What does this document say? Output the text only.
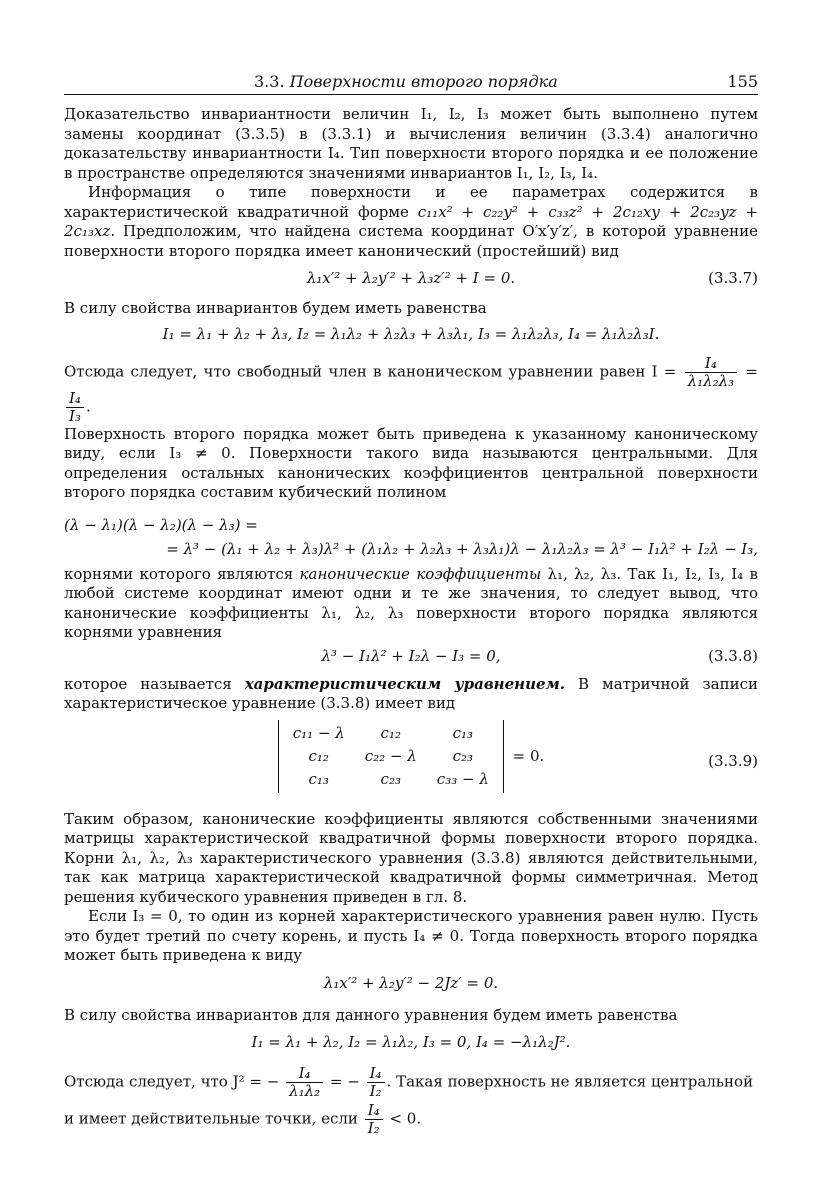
3.3. Поверхности второго порядка	155

Доказательство инвариантности величин I₁, I₂, I₃ может быть выполнено путем замены координат (3.3.5) в (3.3.1) и вычисления величин (3.3.4) аналогично доказательству инвариантности I₄. Тип поверхности второго порядка и ее положение в пространстве определяются значениями инвариантов I₁, I₂, I₃, I₄.

Информация о типе поверхности и ее параметрах содержится в характеристической квадратичной форме c₁₁x² + c₂₂y² + c₃₃z² + 2c₁₂xy + 2c₂₃yz + 2c₁₃xz. Предположим, что найдена система координат O′x′y′z′, в которой уравнение поверхности второго порядка имеет канонический (простейший) вид

λ₁x′² + λ₂y′² + λ₃z′² + I = 0.	(3.3.7)

В силу свойства инвариантов будем иметь равенства

I₁ = λ₁ + λ₂ + λ₃, I₂ = λ₁λ₂ + λ₂λ₃ + λ₃λ₁, I₃ = λ₁λ₂λ₃, I₄ = λ₁λ₂λ₃I.

Отсюда следует, что свободный член в каноническом уравнении равен $I = \frac{\text{I₄}}{\text{λ₁λ₂λ₃}}$ =
$\frac{\text{I₄}}{\text{I₃}}$ .

Поверхность второго порядка может быть приведена к указанному каноническому виду, если I₃ ≠ 0. Поверхности такого вида называются центральными. Для определения остальных канонических коэффициентов центральной поверхности второго порядка составим кубический полином

(λ − λ₁)(λ − λ₂)(λ − λ₃) =
= λ³ − (λ₁ + λ₂ + λ₃)λ² + (λ₁λ₂ + λ₂λ₃ + λ₃λ₁)λ − λ₁λ₂λ₃ = λ³ − I₁λ² + I₂λ − I₃,

корнями которого являются канонические коэффициенты λ₁, λ₂, λ₃. Так I₁, I₂, I₃, I₄ в любой системе координат имеют одни и те же значения, то следует вывод, что канонические коэффициенты λ₁, λ₂, λ₃ поверхности второго порядка являются корнями уравнения

λ³ − I₁λ² + I₂λ − I₃ = 0,	(3.3.8)

которое называется характеристическим уравнением. В матричной записи характеристическое уравнение (3.3.8) имеет вид

c₁₁ − λ	c₁₂	c₁₃
c₁₂	c₂₂ − λ	c₂₃
c₁₃	c₂₃	c₃₃ − λ
= 0.	(3.3.9)

Таким образом, канонические коэффициенты являются собственными значениями матрицы характеристической квадратичной формы поверхности второго порядка. Корни λ₁, λ₂, λ₃ характеристического уравнения (3.3.8) являются действительными, так как матрица характеристической квадратичной формы симметричная. Метод решения кубического уравнения приведен в гл. 8.

Если I₃ = 0, то один из корней характеристического уравнения равен нулю. Пусть это будет третий по счету корень, и пусть I₄ ≠ 0. Тогда поверхность второго порядка может быть приведена к виду

λ₁x′² + λ₂y′² − 2Jz′ = 0.

В силу свойства инвариантов для данного уравнения будем иметь равенства

I₁ = λ₁ + λ₂, I₂ = λ₁λ₂, I₃ = 0, I₄ = −λ₁λ₂J².

Отсюда следует, что J² = − $\frac{\text{I₄}}{\text{λ₁λ₂}}$ = − $\frac{\text{I₄}}{\text{I₂}}$ . Такая поверхность не является центральной

и имеет действительные точки, если $\frac{\text{I₄}}{\text{I₂}} < 0$.
